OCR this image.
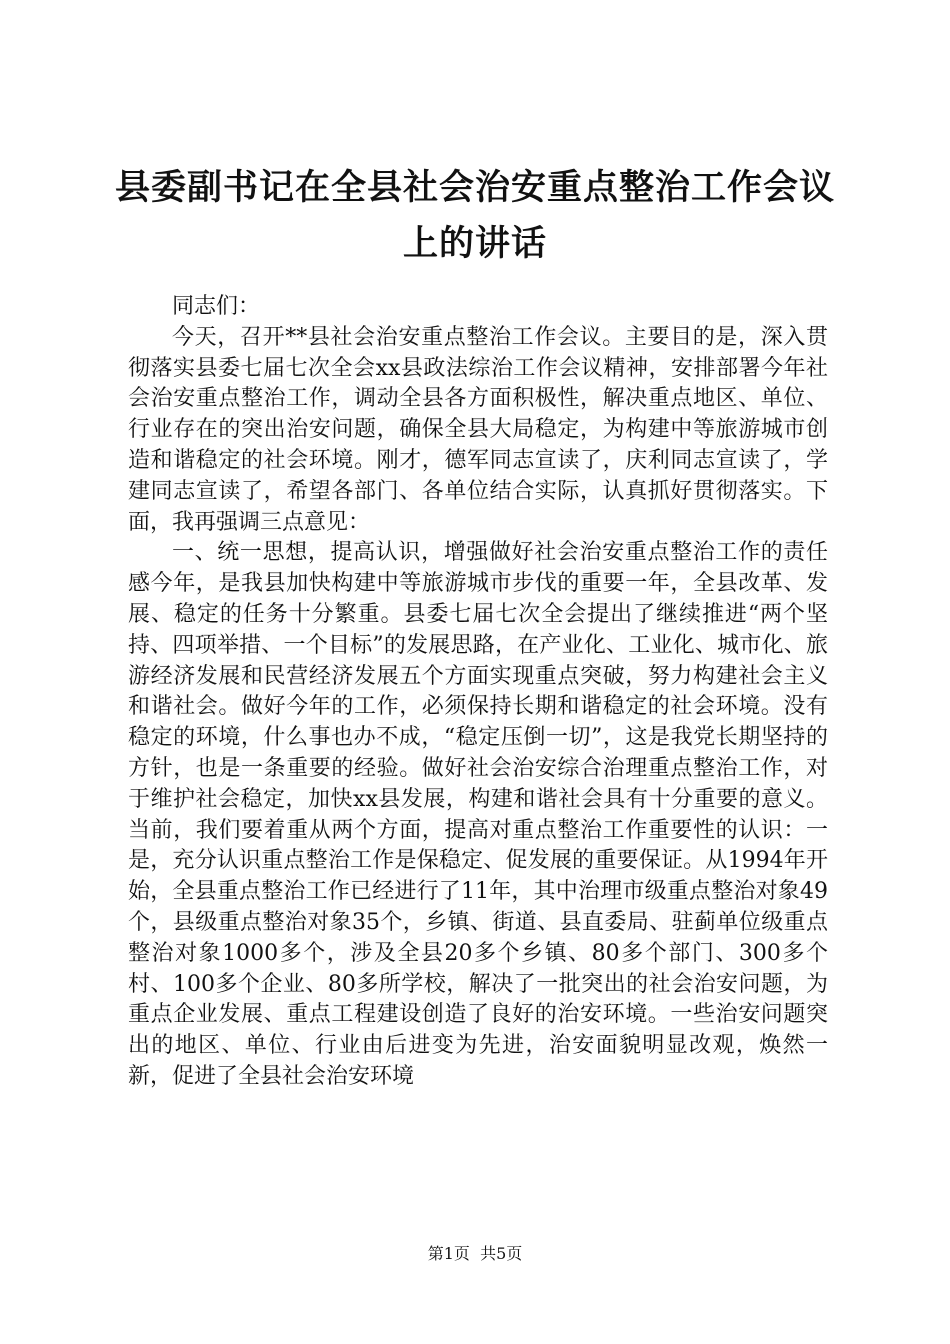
县委副书记在全县社会治安重点整治工作会议
上的讲话

同志们：

今天，召开**县社会治安重点整治工作会议。主要目的是，深入贯彻落实县委七届七次全会xx县政法综治工作会议精神，安排部署今年社会治安重点整治工作，调动全县各方面积极性，解决重点地区、单位、行业存在的突出治安问题，确保全县大局稳定，为构建中等旅游城市创造和谐稳定的社会环境。刚才，德军同志宣读了，庆利同志宣读了，学建同志宣读了，希望各部门、各单位结合实际，认真抓好贯彻落实。下面，我再强调三点意见：

一、统一思想，提高认识，增强做好社会治安重点整治工作的责任感今年，是我县加快构建中等旅游城市步伐的重要一年，全县改革、发展、稳定的任务十分繁重。县委七届七次全会提出了继续推进“两个坚持、四项举措、一个目标”的发展思路，在产业化、工业化、城市化、旅游经济发展和民营经济发展五个方面实现重点突破，努力构建社会主义和谐社会。做好今年的工作，必须保持长期和谐稳定的社会环境。没有稳定的环境，什么事也办不成，“稳定压倒一切”，这是我党长期坚持的方针，也是一条重要的经验。做好社会治安综合治理重点整治工作，对于维护社会稳定，加快xx县发展，构建和谐社会具有十分重要的意义。当前，我们要着重从两个方面，提高对重点整治工作重要性的认识：一是，充分认识重点整治工作是保稳定、促发展的重要保证。从1994年开始，全县重点整治工作已经进行了11年，其中治理市级重点整治对象49个，县级重点整治对象35个，乡镇、街道、县直委局、驻蓟单位级重点整治对象1000多个，涉及全县20多个乡镇、80多个部门、300多个村、100多个企业、80多所学校，解决了一批突出的社会治安问题，为重点企业发展、重点工程建设创造了良好的治安环境。一些治安问题突出的地区、单位、行业由后进变为先进，治安面貌明显改观，焕然一新，促进了全县社会治安环境

第1页 共5页
